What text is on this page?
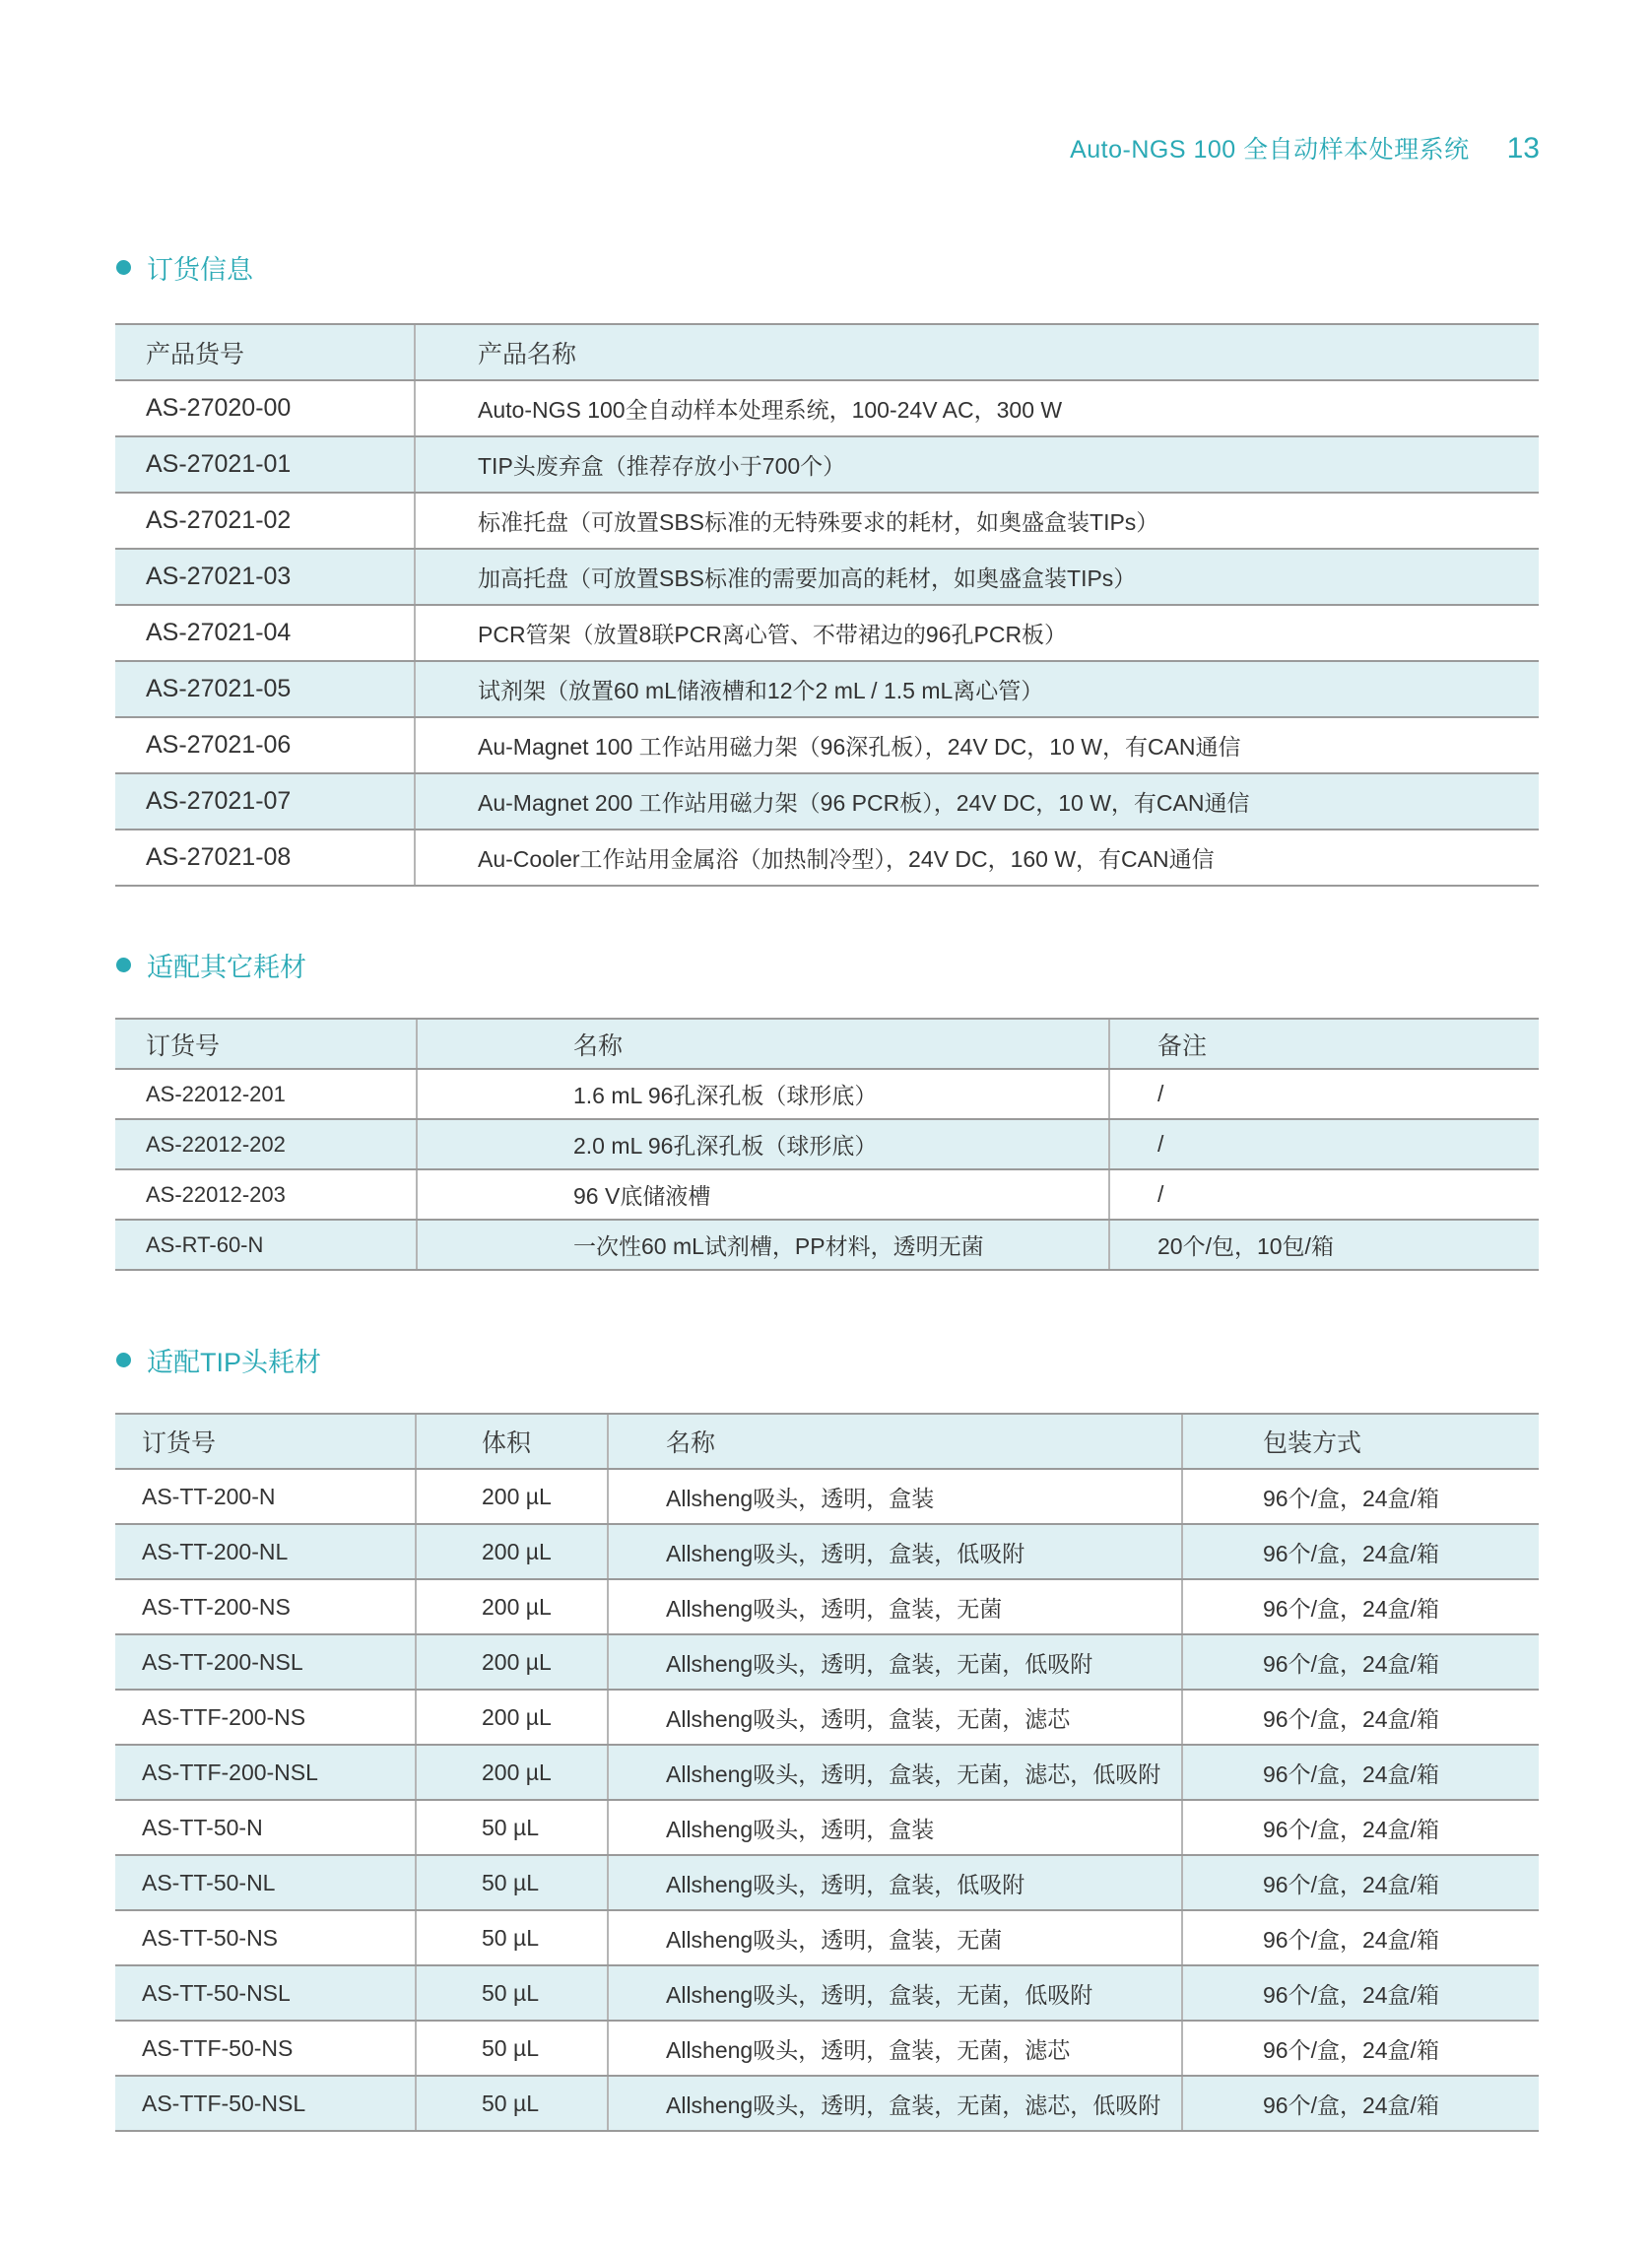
Auto-NGS 100 全自动样本处理系统 13
订货信息
产品货号	产品名称
AS-27020-00	Auto-NGS 100全自动样本处理系统，100-24V AC，300 W
AS-27021-01	TIP头废弃盒（推荐存放小于700个）
AS-27021-02	标准托盘（可放置SBS标准的无特殊要求的耗材，如奥盛盒装TIPs）
AS-27021-03	加高托盘（可放置SBS标准的需要加高的耗材，如奥盛盒装TIPs）
AS-27021-04	PCR管架（放置8联PCR离心管、不带裙边的96孔PCR板）
AS-27021-05	试剂架（放置60 mL储液槽和12个2 mL / 1.5 mL离心管）
AS-27021-06	Au-Magnet 100 工作站用磁力架（96深孔板），24V DC，10 W，有CAN通信
AS-27021-07	Au-Magnet 200 工作站用磁力架（96 PCR板），24V DC，10 W，有CAN通信
AS-27021-08	Au-Cooler工作站用金属浴（加热制冷型），24V DC，160 W，有CAN通信
适配其它耗材
订货号	名称	备注
AS-22012-201	1.6 mL 96孔深孔板（球形底）	/
AS-22012-202	2.0 mL 96孔深孔板（球形底）	/
AS-22012-203	96 V底储液槽	/
AS-RT-60-N	一次性60 mL试剂槽，PP材料，透明无菌	20个/包，10包/箱
适配TIP头耗材
订货号	体积	名称	包装方式
AS-TT-200-N	200 µL	Allsheng吸头，透明，盒装	96个/盒，24盒/箱
AS-TT-200-NL	200 µL	Allsheng吸头，透明，盒装，低吸附	96个/盒，24盒/箱
AS-TT-200-NS	200 µL	Allsheng吸头，透明，盒装，无菌	96个/盒，24盒/箱
AS-TT-200-NSL	200 µL	Allsheng吸头，透明，盒装，无菌，低吸附	96个/盒，24盒/箱
AS-TTF-200-NS	200 µL	Allsheng吸头，透明，盒装，无菌，滤芯	96个/盒，24盒/箱
AS-TTF-200-NSL	200 µL	Allsheng吸头，透明，盒装，无菌，滤芯，低吸附	96个/盒，24盒/箱
AS-TT-50-N	50 µL	Allsheng吸头，透明，盒装	96个/盒，24盒/箱
AS-TT-50-NL	50 µL	Allsheng吸头，透明，盒装，低吸附	96个/盒，24盒/箱
AS-TT-50-NS	50 µL	Allsheng吸头，透明，盒装，无菌	96个/盒，24盒/箱
AS-TT-50-NSL	50 µL	Allsheng吸头，透明，盒装，无菌，低吸附	96个/盒，24盒/箱
AS-TTF-50-NS	50 µL	Allsheng吸头，透明，盒装，无菌，滤芯	96个/盒，24盒/箱
AS-TTF-50-NSL	50 µL	Allsheng吸头，透明，盒装，无菌，滤芯，低吸附	96个/盒，24盒/箱
